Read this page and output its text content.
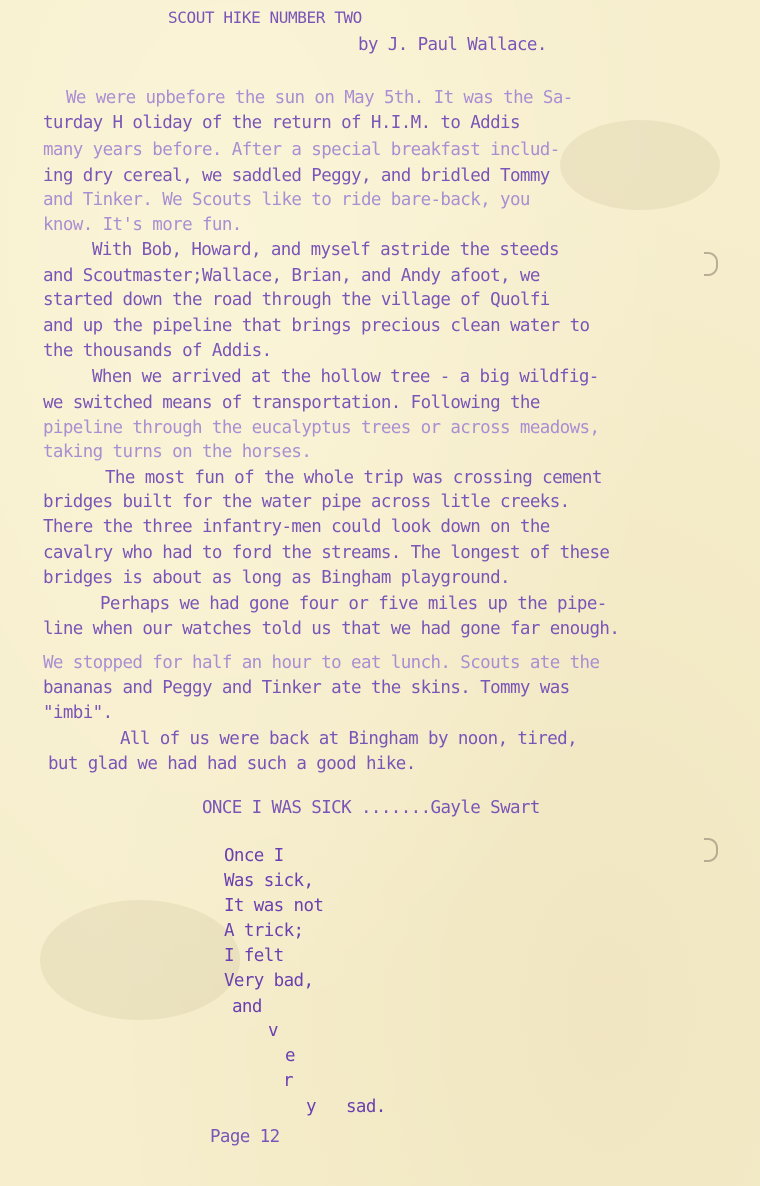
SCOUT HIKE NUMBER TWO
by J. Paul Wallace.
We were upbefore the sun on May 5th. It was the Sa-
turday H oliday of the return of H.I.M. to Addis
many years before. After a special breakfast includ-
ing dry cereal, we saddled Peggy, and bridled Tommy
and Tinker. We Scouts like to ride bare-back, you
know. It's more fun.
With Bob, Howard, and myself astride the steeds
and Scoutmaster;Wallace, Brian, and Andy afoot, we
started down the road through the village of Quolfi
and up the pipeline that brings precious clean water to
the thousands of Addis.
When we arrived at the hollow tree - a big wildfig-
we switched means of transportation. Following the
pipeline through the eucalyptus trees or across meadows,
taking turns on the horses.
The most fun of the whole trip was crossing cement
bridges built for the water pipe across litle creeks.
There the three infantry-men could look down on the
cavalry who had to ford the streams. The longest of these
bridges is about as long as Bingham playground.
Perhaps we had gone four or five miles up the pipe-
line when our watches told us that we had gone far enough.
We stopped for half an hour to eat lunch. Scouts ate the
bananas and Peggy and Tinker ate the skins. Tommy was
"imbi".
All of us were back at Bingham by noon, tired,
but glad we had had such a good hike.
ONCE I WAS SICK .......Gayle Swart
Once I
Was sick,
It was not
A trick;
I felt
Very bad,
and
v
e
r
y sad.
Page 12
